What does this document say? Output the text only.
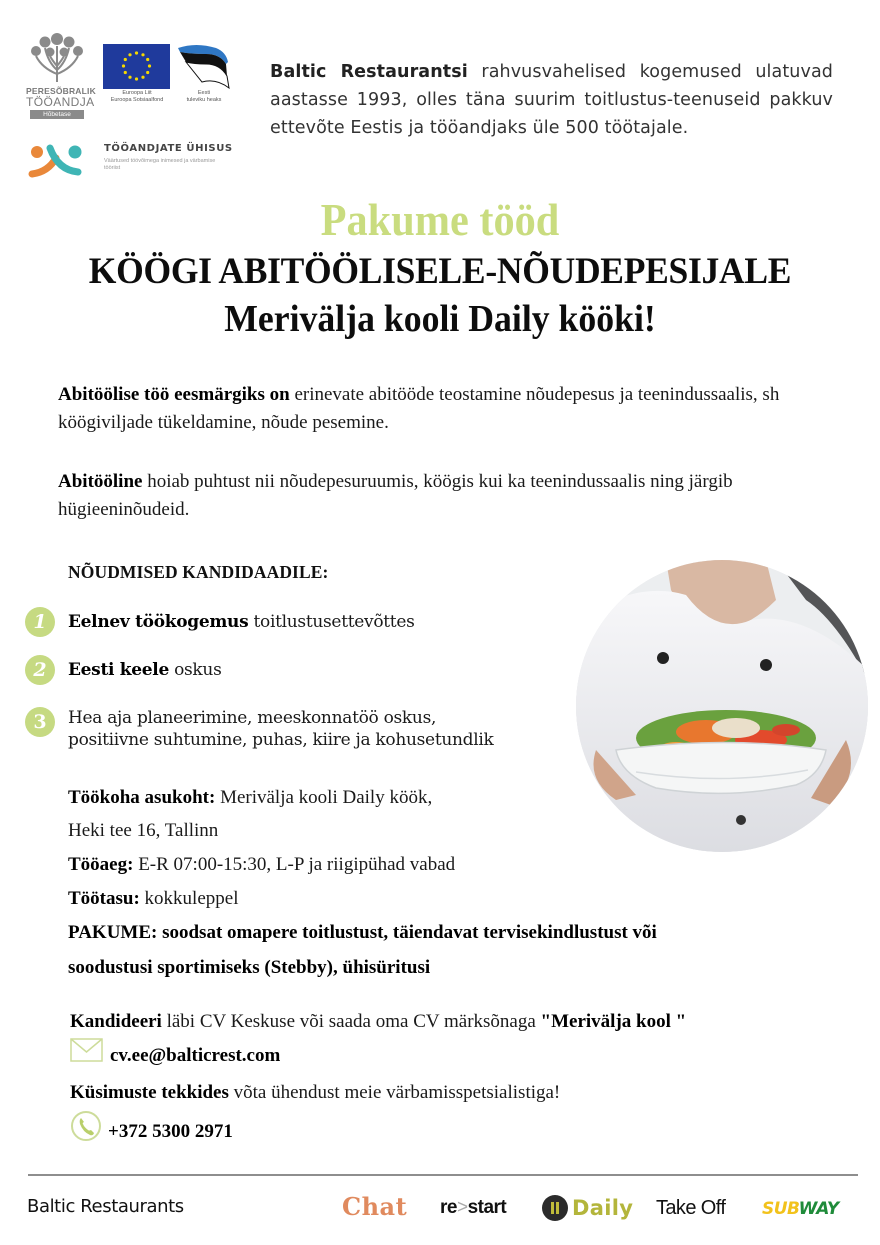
PERESÕBRALIK
TÖÖANDJA
Hõbetase
Euroopa Liit
Euroopa Sotsiaalfond
Eesti
tuleviku heaks
TÖÖANDJATE ÜHISUS
Väärtused töövõimega inimesed ja värbamise tööriist
Baltic Restaurantsi rahvusvahelised kogemused ulatuvad aastasse 1993, olles täna suurim toitlustus-teenuseid pakkuv ettevõte Eestis ja tööandjaks üle 500 töötajale.
Pakume tööd
KÖÖGI ABITÖÖLISELE-NÕUDEPESIJALE
Merivälja kooli Daily kööki!
Abitöölise töö eesmärgiks on erinevate abitööde teostamine nõudepesus ja teenindussaalis, sh köögiviljade tükeldamine, nõude pesemine.
Abitööline hoiab puhtust nii nõudepesuruumis, köögis kui ka teenindussaalis ning järgib hügieeninõudeid.
NÕUDMISED KANDIDAADILE:
1	Eelnev töökogemus toitlustusettevõttes
2	Eesti keele oskus
3	Hea aja planeerimine, meeskonnatöö oskus,
positiivne suhtumine, puhas, kiire ja kohusetundlik
Töökoha asukoht: Merivälja kooli Daily köök,
Heki tee 16, Tallinn
Tööaeg: E-R 07:00-15:30, L-P ja riigipühad vabad
Töötasu: kokkuleppel
PAKUME: soodsat omapere toitlustust, täiendavat tervisekindlustust või
soodustusi sportimiseks (Stebby), ühisüritusi
Kandideeri läbi CV Keskuse või saada oma CV märksõnaga "Merivälja kool "
cv.ee@balticrest.com
Küsimuste tekkides võta ühendust meie värbamisspetsialistiga!
+372 5300 2971
Baltic Restaurants	Chat re>start	Daily Take Off SUBWAY
